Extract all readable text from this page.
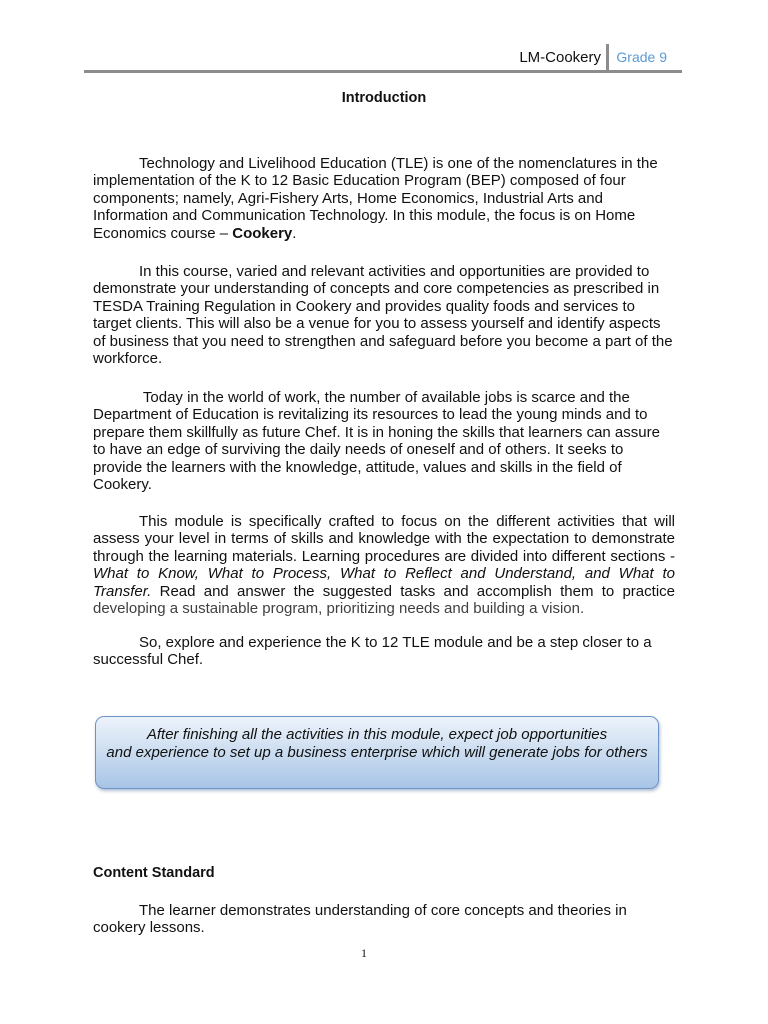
LM-Cookery Grade 9
Introduction

Technology and Livelihood Education (TLE) is one of the nomenclatures in the implementation of the K to 12 Basic Education Program (BEP) composed of four components; namely, Agri-Fishery Arts, Home Economics, Industrial Arts and Information and Communication Technology. In this module, the focus is on Home Economics course – Cookery.

In this course, varied and relevant activities and opportunities are provided to demonstrate your understanding of concepts and core competencies as prescribed in TESDA Training Regulation in Cookery and provides quality foods and services to target clients. This will also be a venue for you to assess yourself and identify aspects of business that you need to strengthen and safeguard before you become a part of the workforce.

Today in the world of work, the number of available jobs is scarce and the Department of Education is revitalizing its resources to lead the young minds and to prepare them skillfully as future Chef. It is in honing the skills that learners can assure to have an edge of surviving the daily needs of oneself and of others. It seeks to provide the learners with the knowledge, attitude, values and skills in the field of Cookery.

This module is specifically crafted to focus on the different activities that will assess your level in terms of skills and knowledge with the expectation to demonstrate through the learning materials. Learning procedures are divided into different sections - What to Know, What to Process, What to Reflect and Understand, and What to Transfer. Read and answer the suggested tasks and accomplish them to practice developing a sustainable program, prioritizing needs and building a vision.

So, explore and experience the K to 12 TLE module and be a step closer to a successful Chef.

After finishing all the activities in this module, expect job opportunities
and experience to set up a business enterprise which will generate jobs for others
Content Standard

The learner demonstrates understanding of core concepts and theories in cookery lessons.

1
